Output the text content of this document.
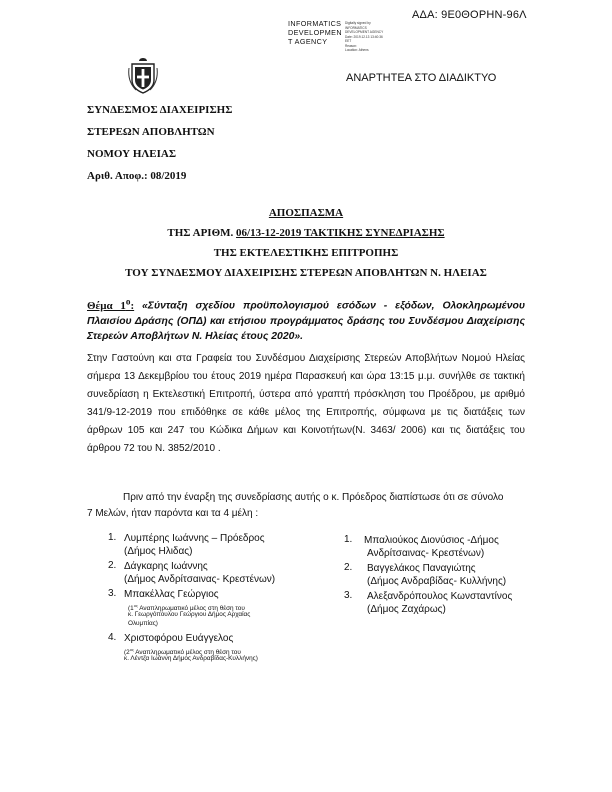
ΑΔΑ: 9Ε0ΘΟΡΗΝ-96Λ
INFORMATICS
DEVELOPMEN
T AGENCY
Digitally signed by
INFORMATICS
DEVELOPMENT AGENCY
Date: 2019.12.13 13:40:36
EET
Reason:
Location: Athens
ΑΝΑΡΤΗΤΕΑ ΣΤΟ ΔΙΑΔΙΚΤΥΟ
ΣΥΝΔΕΣΜΟΣ ΔΙΑΧΕΙΡΙΣΗΣ
ΣΤΕΡΕΩΝ ΑΠΟΒΛΗΤΩΝ
ΝΟΜΟΥ ΗΛΕΙΑΣ
Αριθ. Αποφ.: 08/2019
ΑΠΟΣΠΑΣΜΑ
ΤΗΣ ΑΡΙΘΜ. 06/13-12-2019 ΤΑΚΤΙΚΗΣ ΣΥΝΕΔΡΙΑΣΗΣ
ΤΗΣ ΕΚΤΕΛΕΣΤΙΚΗΣ ΕΠΙΤΡΟΠΗΣ
ΤΟΥ ΣΥΝΔΕΣΜΟΥ ΔΙΑΧΕΙΡΙΣΗΣ ΣΤΕΡΕΩΝ ΑΠΟΒΛΗΤΩΝ Ν. ΗΛΕΙΑΣ
Θέμα $1^o$: «Σύνταξη σχεδίου προϋπολογισμού εσόδων - εξόδων, Ολοκληρωμένου Πλαισίου Δράσης (ΟΠΔ) και ετήσιου προγράμματος δράσης του Συνδέσμου Διαχείρισης Στερεών Αποβλήτων Ν. Ηλείας έτους 2020».
Στην Γαστούνη και στα Γραφεία του Συνδέσμου Διαχείρισης Στερεών Αποβλήτων Νομού Ηλείας σήμερα 13 Δεκεμβρίου του έτους 2019 ημέρα Παρασκευή και ώρα 13:15 μ.μ. συνήλθε σε τακτική συνεδρίαση η Εκτελεστική Επιτροπή, ύστερα από γραπτή πρόσκληση του Προέδρου, με αριθμό 341/9-12-2019 που επιδόθηκε σε κάθε μέλος της Επιτροπής, σύμφωνα με τις διατάξεις των άρθρων 105 και 247 του Κώδικα Δήμων και Κοινοτήτων(Ν. 3463/ 2006) και τις διατάξεις του άρθρου 72 του Ν. 3852/2010 .
Πριν από την έναρξη της συνεδρίασης αυτής ο κ. Πρόεδρος διαπίστωσε ότι σε σύνολο
7 Μελών, ήταν παρόντα και τα 4 μέλη :
1. Λυμπέρης Ιωάννης – Πρόεδρος
(Δήμος Ηλιδας)
2. Δάγκαρης Ιωάννης
(Δήμος Ανδρίτσαινας- Κρεστένων)
3. Μπακέλλας Γεώργιος
($1^{o\varsigma}$ Αναπληρωματικό μέλος στη θέση του
κ. Γεωργόπουλου Γεώργιου Δήμος Αρχαίας
Ολυμπίας)
4. Χριστοφόρου Ευάγγελος
($2^{o\varsigma}$ Αναπληρωματικό μέλος στη θέση του
κ. Λέντζα Ιωάννη Δήμος Ανδραβίδας-Κυλλήνης)
1. Μπαλιούκος Διονύσιος -Δήμος
Ανδρίτσαινας- Κρεστένων)
2. Βαγγελάκος Παναγιώτης
(Δήμος Ανδραβίδας- Κυλλήνης)
3. Αλεξανδρόπουλος Κωνσταντίνος
(Δήμος Ζαχάρως)
